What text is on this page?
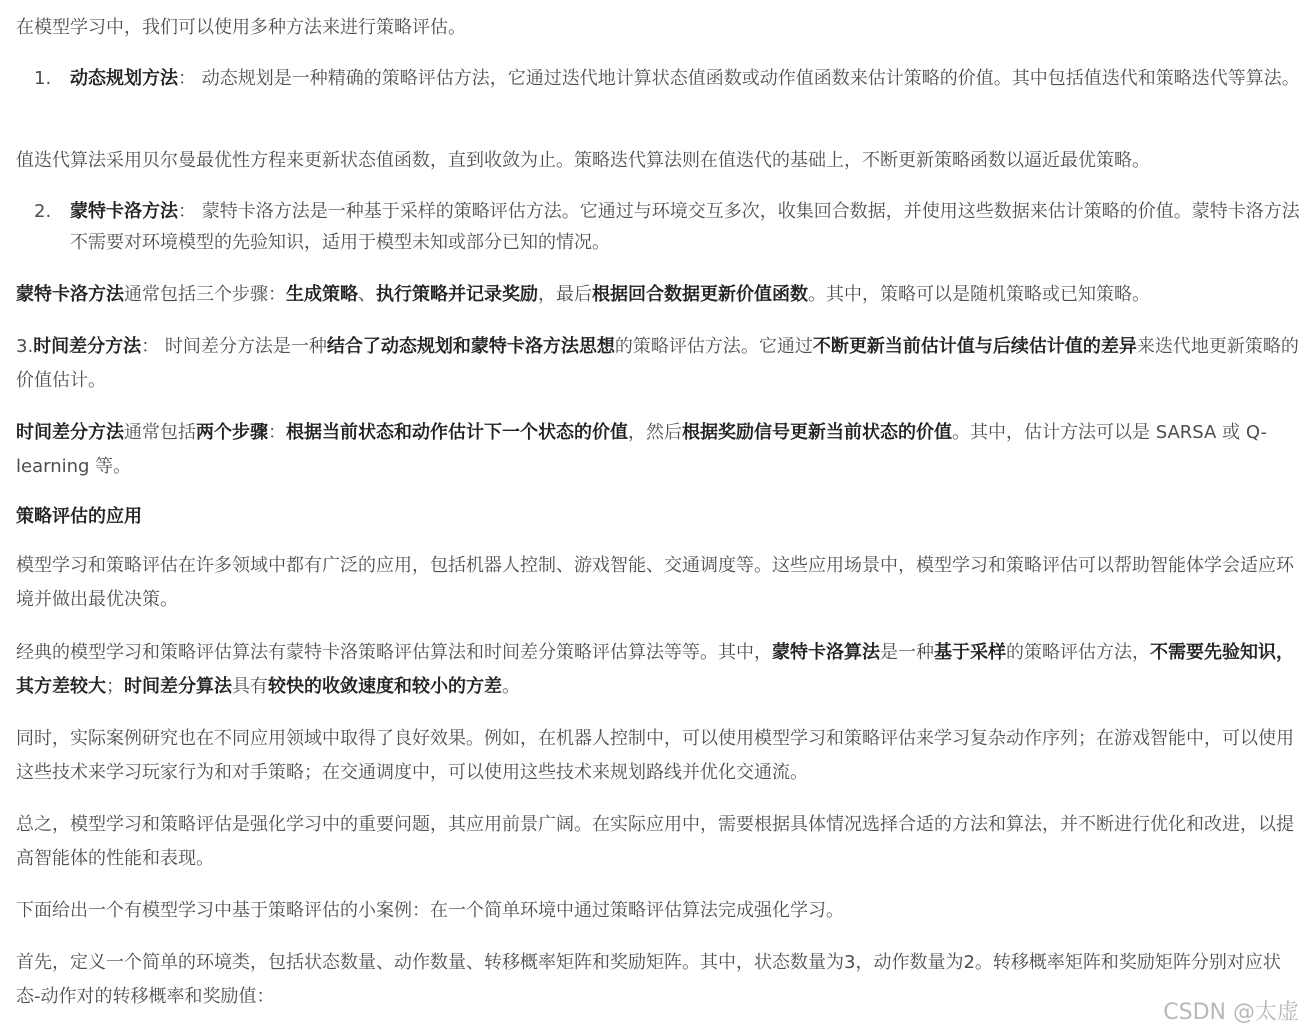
在模型学习中，我们可以使用多种方法来进行策略评估。

1. 动态规划方法： 动态规划是一种精确的策略评估方法，它通过迭代地计算状态值函数或动作值函数来估计策略的价值。其中包括值迭代和策略迭代等算法。

值迭代算法采用贝尔曼最优性方程来更新状态值函数，直到收敛为止。策略迭代算法则在值迭代的基础上，不断更新策略函数以逼近最优策略。

2. 蒙特卡洛方法： 蒙特卡洛方法是一种基于采样的策略评估方法。它通过与环境交互多次，收集回合数据，并使用这些数据来估计策略的价值。蒙特卡洛方法不需要对环境模型的先验知识，适用于模型未知或部分已知的情况。

蒙特卡洛方法通常包括三个步骤：生成策略、执行策略并记录奖励，最后根据回合数据更新价值函数。其中，策略可以是随机策略或已知策略。

3.时间差分方法： 时间差分方法是一种结合了动态规划和蒙特卡洛方法思想的策略评估方法。它通过不断更新当前估计值与后续估计值的差异来迭代地更新策略的价值估计。

时间差分方法通常包括两个步骤：根据当前状态和动作估计下一个状态的价值，然后根据奖励信号更新当前状态的价值。其中，估计方法可以是 SARSA 或 Q-learning 等。

策略评估的应用

模型学习和策略评估在许多领域中都有广泛的应用，包括机器人控制、游戏智能、交通调度等。这些应用场景中，模型学习和策略评估可以帮助智能体学会适应环境并做出最优决策。

经典的模型学习和策略评估算法有蒙特卡洛策略评估算法和时间差分策略评估算法等等。其中，蒙特卡洛算法是一种基于采样的策略评估方法，不需要先验知识，其方差较大；时间差分算法具有较快的收敛速度和较小的方差。

同时，实际案例研究也在不同应用领域中取得了良好效果。例如，在机器人控制中，可以使用模型学习和策略评估来学习复杂动作序列；在游戏智能中，可以使用这些技术来学习玩家行为和对手策略；在交通调度中，可以使用这些技术来规划路线并优化交通流。

总之，模型学习和策略评估是强化学习中的重要问题，其应用前景广阔。在实际应用中，需要根据具体情况选择合适的方法和算法，并不断进行优化和改进，以提高智能体的性能和表现。

下面给出一个有模型学习中基于策略评估的小案例：在一个简单环境中通过策略评估算法完成强化学习。

首先，定义一个简单的环境类，包括状态数量、动作数量、转移概率矩阵和奖励矩阵。其中，状态数量为3，动作数量为2。转移概率矩阵和奖励矩阵分别对应状态-动作对的转移概率和奖励值：

CSDN @太虚
